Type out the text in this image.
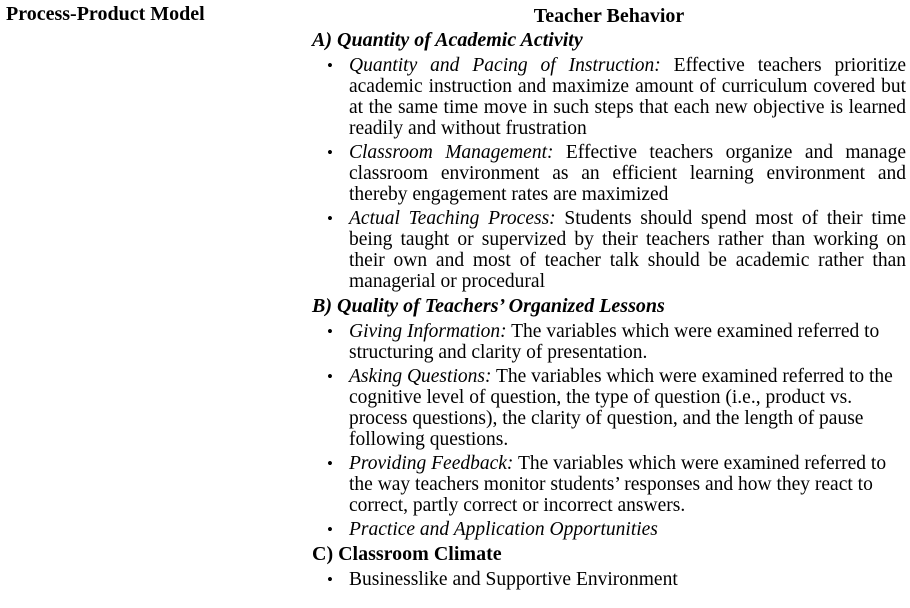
Process-Product Model	Teacher Behavior
A) Quantity of Academic Activity
• Quantity and Pacing of Instruction: Effective teachers prioritize academic instruction and maximize amount of curriculum covered but at the same time move in such steps that each new objective is learned readily and without frustration
• Classroom Management: Effective teachers organize and manage classroom environment as an efficient learning environment and thereby engagement rates are maximized
• Actual Teaching Process: Students should spend most of their time being taught or supervized by their teachers rather than working on their own and most of teacher talk should be academic rather than managerial or procedural
B) Quality of Teachers’ Organized Lessons
• Giving Information: The variables which were examined referred to structuring and clarity of presentation.
• Asking Questions: The variables which were examined referred to the cognitive level of question, the type of question (i.e., product vs. process questions), the clarity of question, and the length of pause following questions.
• Providing Feedback: The variables which were examined referred to the way teachers monitor students’ responses and how they react to correct, partly correct or incorrect answers.
• Practice and Application Opportunities
C) Classroom Climate
• Businesslike and Supportive Environment
